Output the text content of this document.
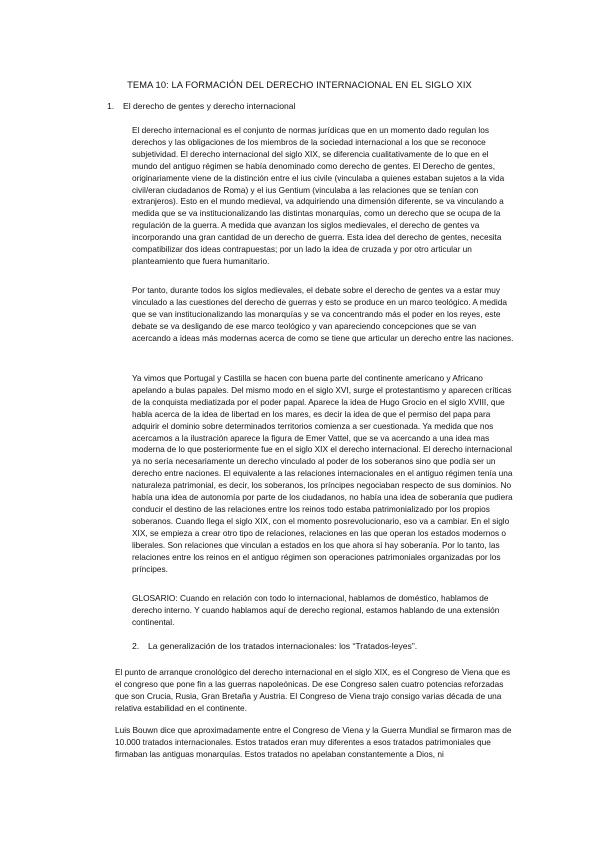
TEMA 10: LA FORMACIÓN DEL DERECHO INTERNACIONAL EN EL SIGLO XIX
1. El derecho de gentes y derecho internacional

El derecho internacional es el conjunto de normas jurídicas que en un momento dado regulan los derechos y las obligaciones de los miembros de la sociedad internacional a los que se reconoce subjetividad. El derecho internacional del siglo XIX, se diferencia cualitativamente de lo que en el mundo del antiguo régimen se había denominado como derecho de gentes. El Derecho de gentes, originariamente viene de la distinción entre el ius civile (vinculaba a quienes estaban sujetos a la vida civil/eran ciudadanos de Roma) y el ius Gentium (vinculaba a las relaciones que se tenían con extranjeros). Esto en el mundo medieval, va adquiriendo una dimensión diferente, se va vinculando a medida que se va institucionalizando las distintas monarquías, como un derecho que se ocupa de la regulación de la guerra. A medida que avanzan los siglos medievales, el derecho de gentes va incorporando una gran cantidad de un derecho de guerra. Esta idea del derecho de gentes, necesita compatibilizar dos ideas contrapuestas; por un lado la idea de cruzada y por otro articular un planteamiento que fuera humanitario.

Por tanto, durante todos los siglos medievales, el debate sobre el derecho de gentes va a estar muy vinculado a las cuestiones del derecho de guerras y esto se produce en un marco teológico. A medida que se van institucionalizando las monarquías y se va concentrando más el poder en los reyes, este debate se va desligando de ese marco teológico y van apareciendo concepciones que se van acercando a ideas más modernas acerca de como se tiene que articular un derecho entre las naciones.

Ya vimos que Portugal y Castilla se hacen con buena parte del continente americano y Africano apelando a bulas papales. Del mismo modo en el siglo XVI, surge el protestantismo y aparecen críticas de la conquista mediatizada por el poder papal. Aparece la idea de Hugo Grocio en el siglo XVIII, que habla acerca de la idea de libertad en los mares, es decir la idea de que el permiso del papa para adquirir el dominio sobre determinados territorios comienza a ser cuestionada. Ya medida que nos acercamos a la ilustración aparece la figura de Emer Vattel, que se va acercando a una idea mas moderna de lo que posteriormente fue en el siglo XIX el derecho internacional. El derecho internacional ya no sería necesariamente un derecho vinculado al poder de los soberanos sino que podía ser un derecho entre naciones. El equivalente a las relaciones internacionales en el antiguo régimen tenía una naturaleza patrimonial, es decir, los soberanos, los príncipes negociaban respecto de sus dominios. No había una idea de autonomía por parte de los ciudadanos, no había una idea de soberanía que pudiera conducir el destino de las relaciones entre los reinos todo estaba patrimonializado por los propios soberanos. Cuando llega el siglo XIX, con el momento posrevolucionario, eso va a cambiar. En el siglo XIX, se empieza a crear otro tipo de relaciones, relaciones en las que operan los estados modernos o liberales. Son relaciones que vinculan a estados en los que ahora sí hay soberanía. Por lo tanto, las relaciones entre los reinos en el antiguo régimen son operaciones patrimoniales organizadas por los príncipes.

GLOSARIO: Cuando en relación con todo lo internacional, hablamos de doméstico, hablamos de derecho interno. Y cuando hablamos aquí de derecho regional, estamos hablando de una extensión continental.

2. La generalización de los tratados internacionales: los “Tratados-leyes”.

El punto de arranque cronológico del derecho internacional en el siglo XIX, es el Congreso de Viena que es el congreso que pone fin a las guerras napoleónicas. De ese Congreso salen cuatro potencias reforzadas que son Crucia, Rusia, Gran Bretaña y Austria. El Congreso de Viena trajo consigo varias década de una relativa estabilidad en el continente.

Luis Bouwn dice que aproximadamente entre el Congreso de Viena y la Guerra Mundial se firmaron mas de 10.000 tratados internacionales. Estos tratados eran muy diferentes a esos tratados patrimoniales que firmaban las antiguas monarquías. Estos tratados no apelaban constantemente a Dios, ni
